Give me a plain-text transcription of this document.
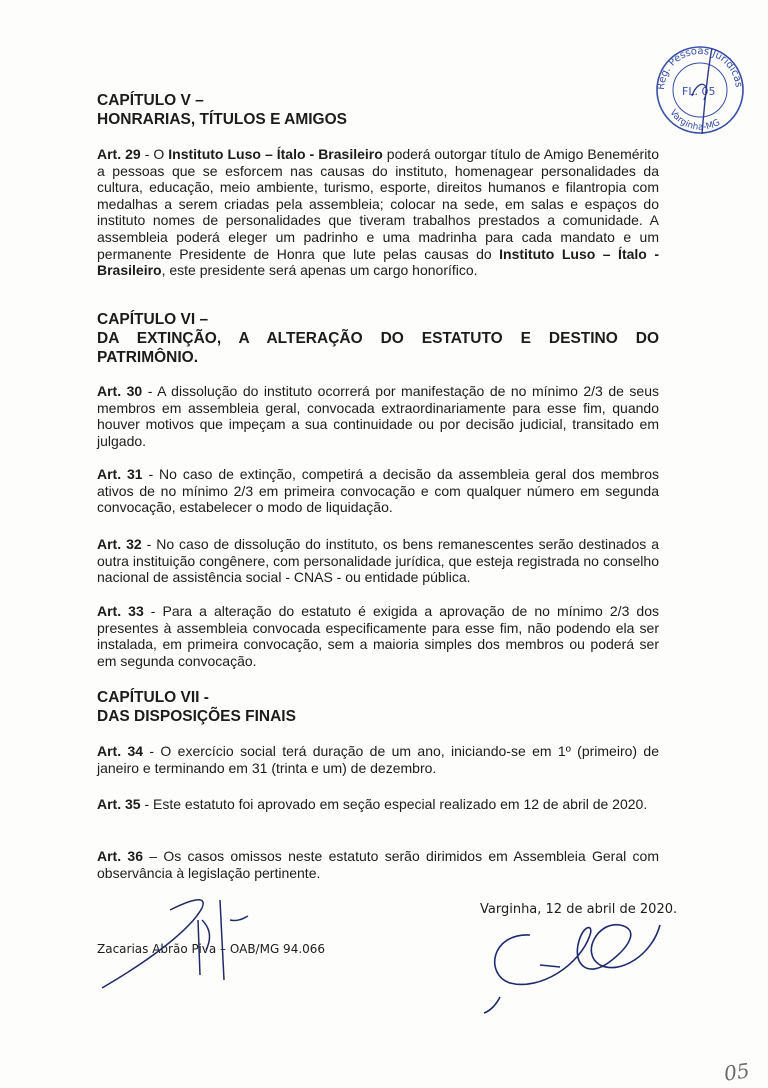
Reg. Pessoas Jurídicas
Varginha-MG
FL. 05
CAPÍTULO V –
HONRARIAS, TÍTULOS E AMIGOS
Art. 29 - O Instituto Luso – Ítalo - Brasileiro poderá outorgar título de Amigo Benemérito a pessoas que se esforcem nas causas do instituto, homenagear personalidades da cultura, educação, meio ambiente, turismo, esporte, direitos humanos e filantropia com medalhas a serem criadas pela assembleia; colocar na sede, em salas e espaços do instituto nomes de personalidades que tiveram trabalhos prestados a comunidade. A assembleia poderá eleger um padrinho e uma madrinha para cada mandato e um permanente Presidente de Honra que lute pelas causas do Instituto Luso – Ítalo - Brasileiro, este presidente será apenas um cargo honorífico.
CAPÍTULO VI –
DA EXTINÇÃO, A ALTERAÇÃO DO ESTATUTO E DESTINO DO
PATRIMÔNIO.
Art. 30 - A dissolução do instituto ocorrerá por manifestação de no mínimo 2/3 de seus membros em assembleia geral, convocada extraordinariamente para esse fim, quando houver motivos que impeçam a sua continuidade ou por decisão judicial, transitado em julgado.
Art. 31 - No caso de extinção, competirá a decisão da assembleia geral dos membros ativos de no mínimo 2/3 em primeira convocação e com qualquer número em segunda convocação, estabelecer o modo de liquidação.
Art. 32 - No caso de dissolução do instituto, os bens remanescentes serão destinados a outra instituição congênere, com personalidade jurídica, que esteja registrada no conselho nacional de assistência social - CNAS - ou entidade pública.
Art. 33 - Para a alteração do estatuto é exigida a aprovação de no mínimo 2/3 dos presentes à assembleia convocada especificamente para esse fim, não podendo ela ser instalada, em primeira convocação, sem a maioria simples dos membros ou poderá ser em segunda convocação.
CAPÍTULO VII -
DAS DISPOSIÇÕES FINAIS
Art. 34 - O exercício social terá duração de um ano, iniciando-se em 1º (primeiro) de janeiro e terminando em 31 (trinta e um) de dezembro.
Art. 35 - Este estatuto foi aprovado em seção especial realizado em 12 de abril de 2020.
Art. 36 – Os casos omissos neste estatuto serão dirimidos em Assembleia Geral com observância à legislação pertinente.
Varginha, 12 de abril de 2020.
Zacarias Abrão Piva – OAB/MG 94.066
05
